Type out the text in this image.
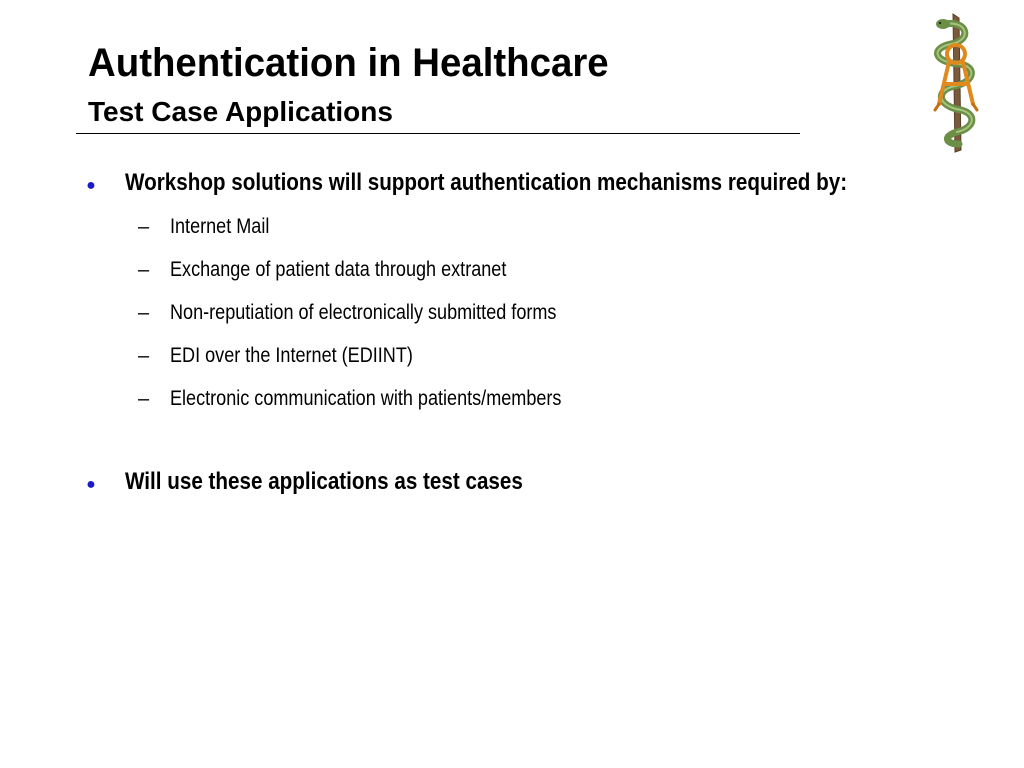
Authentication in Healthcare
Test Case Applications
● Workshop solutions will support authentication mechanisms required by:

– Internet Mail

– Exchange of patient data through extranet

– Non-reputiation of electronically submitted forms

– EDI over the Internet (EDIINT)

– Electronic communication with patients/members

● Will use these applications as test cases
